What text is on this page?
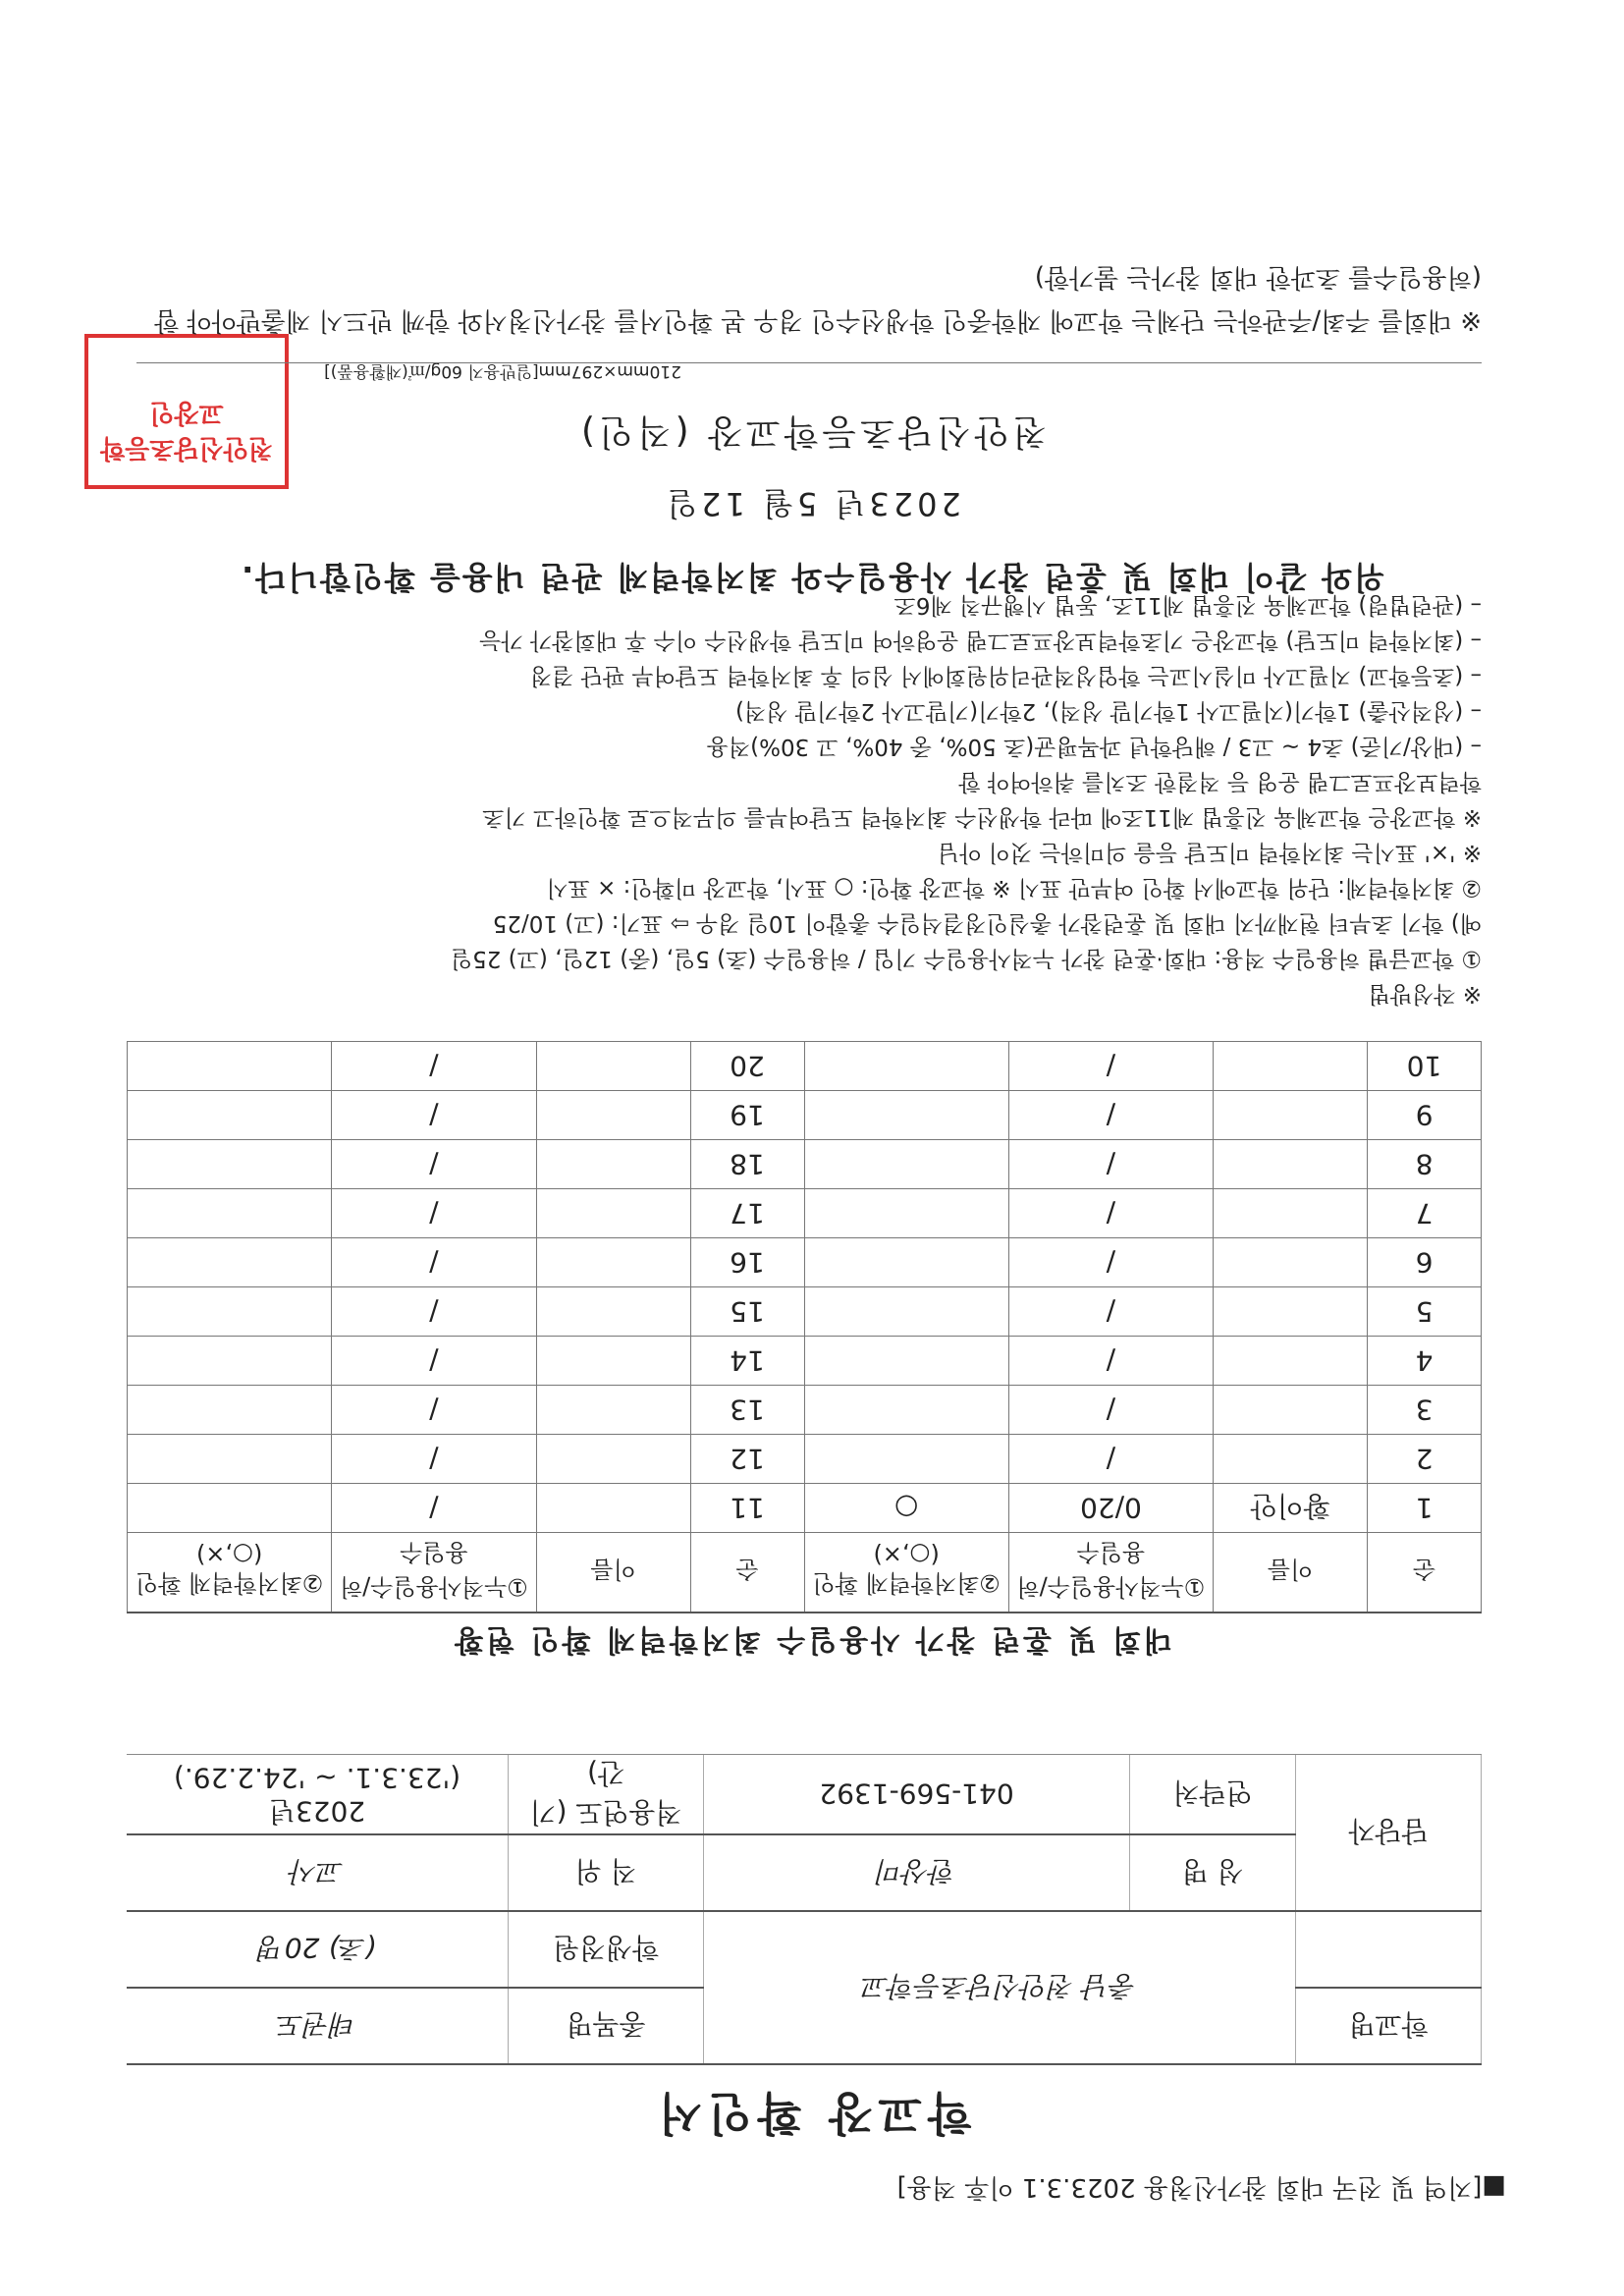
■[지역 및 전국 대회 참가신청용 2023.3.1 이후 적용]
학교장 확인서
학교명	충남 천안신당초등학교		종목명	태권도
			학생정원	(초) 20명
담당자	성 명	한상미	직 위	교사
	연락처	041-569-1392	적용연도 (기간)	2023년
('23.3.1. ~ '24.2.29.)
대회 및 훈련 참가 사용일수 최저학력제 확인 현황
순	이름	①누적사용일수/허용일수	②최저학력제 확인(○,×)	순	이름	①누적사용일수/허용일수	②최저학력제 확인(○,×)
1	황이안	0/20	○	11		/	
2		/		12		/	
3		/		13		/	
4		/		14		/	
5		/		15		/	
6		/		16		/	
7		/		17		/	
8		/		18		/	
9		/		19		/	
10		/		20		/	
※ 작성방법
① 학교급별 허용일수 적용: 대회·훈련 참가 누적사용일수 기입 / 허용일수 (초) 5일, (중) 12일, (고) 25일
예) 학기 초부터 현재까지 대회 및 훈련참가 총실인정결석일수 총합이 10일 경우 ⇨ 표기: (고) 10/25
② 최저학력제: 단위 학교에서 확인 여부만 표시 ※ 학교장 확인: ○ 표시, 학교장 미확인: × 표시
※ '×' 표시는 최저학력 미도달 등을 의미하는 것이 아님
※ 학교장은 학교체육 진흥법 제11조에 따라 학생선수 최저학력 도달여부를 의무적으로 확인하고 기초
학력보장프로그램 운영 등 적절한 조치를 취하여야 함
– (대상/기준) 초4 ~ 고3 / 해당학년 과목평균(초 50%, 중 40%, 고 30%)적용
– (성적산출) 1학기(지필고사 1학기말 성적), 2학기(기말고사 2학기말 성적)
– (초등학교) 지필고사 미실시교는 학업성적관리위원회에서 심의 후 최저학력 도달여부 판단 결정
– (최저학력 미도달) 학교장은 기초학력보장프로그램 운영하여 미도달 학생선수 이수 후 대회참가 가능
– (관련법령) 학교체육 진흥법 제11조, 동법 시행규칙 제6조
위와 같이 대회 및 훈련 참가 사용일수와 최저학력제 관련 내용을 확인합니다.
2023년 5월 12일
천안신당초등학교장 (직인)
천안신당초등학교장인
210mm×297mm[일반용지 60g/㎡(재활용품)]
※ 대회를 주최/주관하는 단체는 학교에 재학중인 학생선수인 경우 본 확인서를 참가신청서와 함께 반드시 제출받아야 함(허용일수를 초과한 대회 참가는 불가함)
